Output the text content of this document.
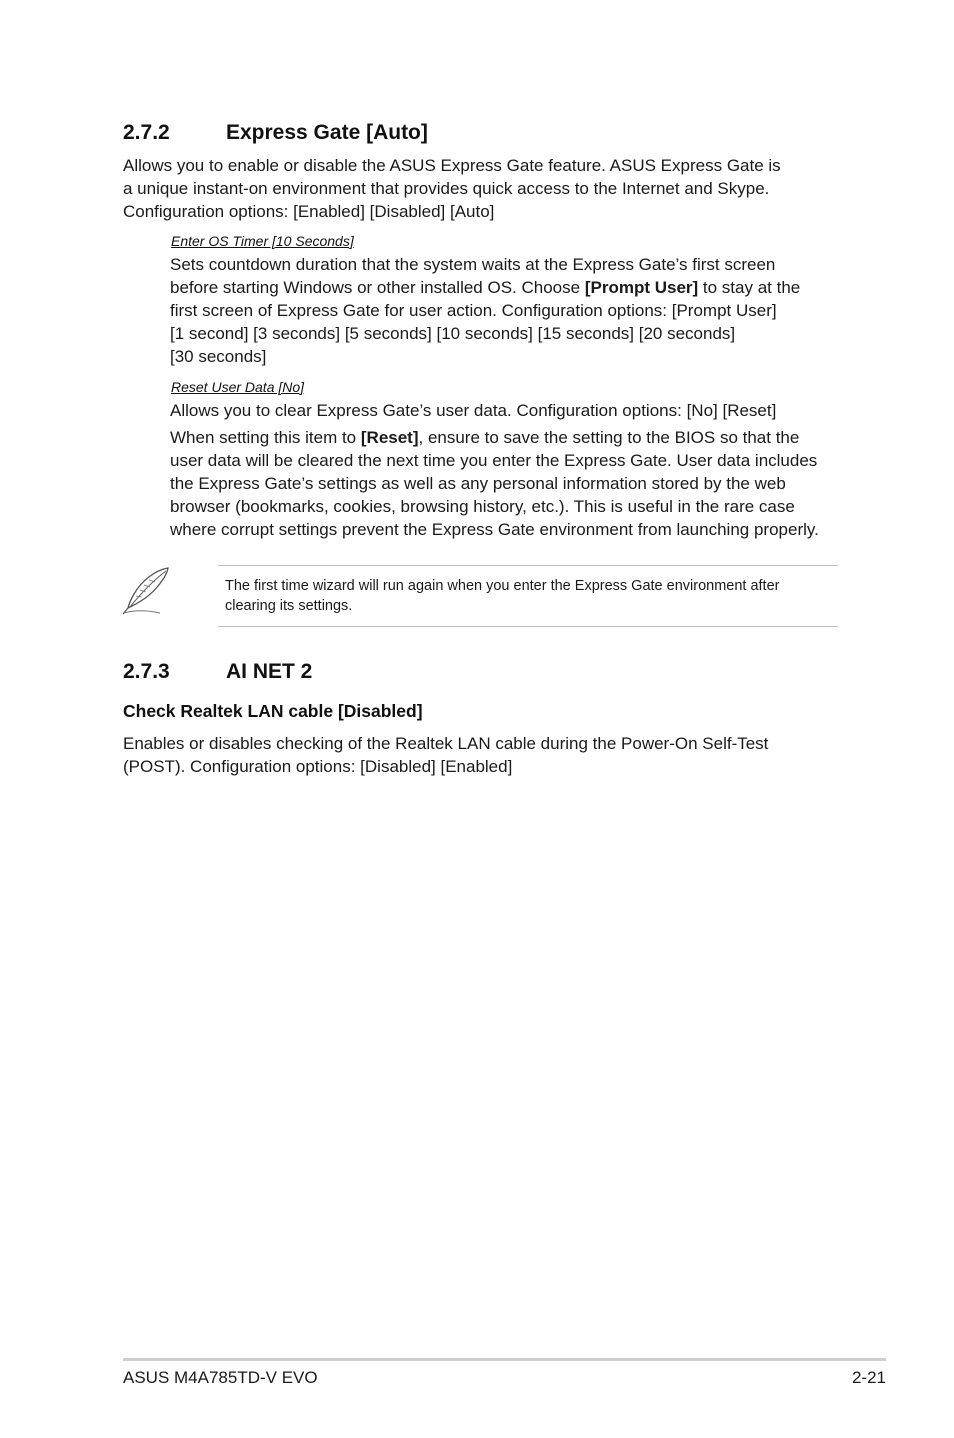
2.7.2	Express Gate [Auto]
Allows you to enable or disable the ASUS Express Gate feature. ASUS Express Gate is
a unique instant-on environment that provides quick access to the Internet and Skype.
Configuration options: [Enabled] [Disabled] [Auto]
Enter OS Timer [10 Seconds]
Sets countdown duration that the system waits at the Express Gate’s first screen
before starting Windows or other installed OS. Choose [Prompt User] to stay at the
first screen of Express Gate for user action. Configuration options: [Prompt User]
[1 second] [3 seconds] [5 seconds] [10 seconds] [15 seconds] [20 seconds]
[30 seconds]
Reset User Data [No]
Allows you to clear Express Gate’s user data. Configuration options: [No] [Reset]
When setting this item to [Reset], ensure to save the setting to the BIOS so that the
user data will be cleared the next time you enter the Express Gate. User data includes
the Express Gate’s settings as well as any personal information stored by the web
browser (bookmarks, cookies, browsing history, etc.). This is useful in the rare case
where corrupt settings prevent the Express Gate environment from launching properly.
The first time wizard will run again when you enter the Express Gate environment after
clearing its settings.
2.7.3	AI NET 2
Check Realtek LAN cable [Disabled]
Enables or disables checking of the Realtek LAN cable during the Power-On Self-Test
(POST). Configuration options: [Disabled] [Enabled]
ASUS M4A785TD-V EVO	2-21
